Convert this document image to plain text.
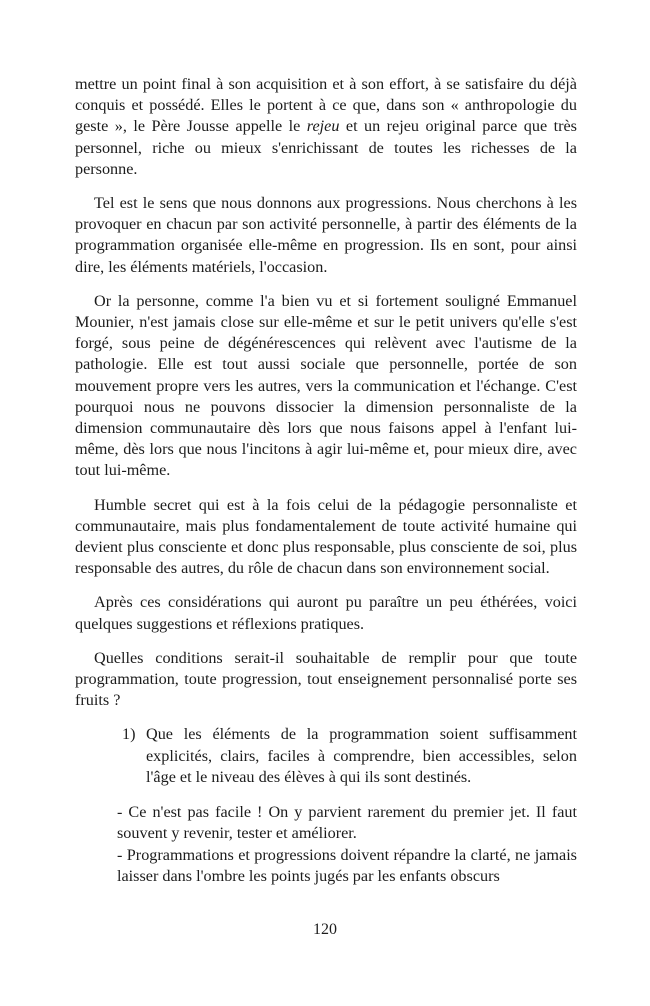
mettre un point final à son acquisition et à son effort, à se satisfaire du déjà conquis et possédé. Elles le portent à ce que, dans son « anthropologie du geste », le Père Jousse appelle le rejeu et un rejeu original parce que très personnel, riche ou mieux s'enrichissant de toutes les richesses de la personne.

Tel est le sens que nous donnons aux progressions. Nous cherchons à les provoquer en chacun par son activité personnelle, à partir des éléments de la programmation organisée elle-même en progression. Ils en sont, pour ainsi dire, les éléments matériels, l'occasion.

Or la personne, comme l'a bien vu et si fortement souligné Emmanuel Mounier, n'est jamais close sur elle-même et sur le petit univers qu'elle s'est forgé, sous peine de dégénérescences qui relèvent avec l'autisme de la pathologie. Elle est tout aussi sociale que personnelle, portée de son mouvement propre vers les autres, vers la communication et l'échange. C'est pourquoi nous ne pouvons dissocier la dimension personnaliste de la dimension communautaire dès lors que nous faisons appel à l'enfant lui-même, dès lors que nous l'incitons à agir lui-même et, pour mieux dire, avec tout lui-même.

Humble secret qui est à la fois celui de la pédagogie personnaliste et communautaire, mais plus fondamentalement de toute activité humaine qui devient plus consciente et donc plus responsable, plus consciente de soi, plus responsable des autres, du rôle de chacun dans son environnement social.

Après ces considérations qui auront pu paraître un peu éthérées, voici quelques suggestions et réflexions pratiques.

Quelles conditions serait-il souhaitable de remplir pour que toute programmation, toute progression, tout enseignement personnalisé porte ses fruits ?

1) Que les éléments de la programmation soient suffisamment explicités, clairs, faciles à comprendre, bien accessibles, selon l'âge et le niveau des élèves à qui ils sont destinés.

- Ce n'est pas facile ! On y parvient rarement du premier jet. Il faut souvent y revenir, tester et améliorer.

- Programmations et progressions doivent répandre la clarté, ne jamais laisser dans l'ombre les points jugés par les enfants obscurs

120
